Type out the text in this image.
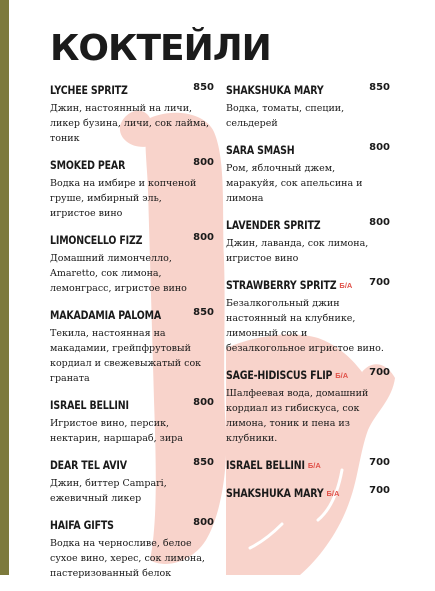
КОКТЕЙЛИ
LYCHEE SPRITZ	850
Джин, настоянный на личи, ликер бузина, личи, сок лайма, тоник
SMOKED PEAR	800
Водка на имбире и копченой груше, имбирный эль, игристое вино
LIMONCELLO FIZZ	800
Домашний лимончелло, Amaretto, сок лимона, лемонграсс, игристое вино
MAKADAMIA PALOMA	850
Текила, настоянная на макадамии, грейпфрутовый кордиал и свежевыжатый сок граната
ISRAEL BELLINI	800
Игристое вино, персик, нектарин, наршараб, зира
DEAR TEL AVIV	850
Джин, биттер Campari, ежевичный ликер
HAIFA GIFTS	800
Водка на черносливе, белое сухое вино, херес, сок лимона, пастеризованный белок
SHAKSHUKA MARY	850
Водка, томаты, специи, сельдерей
SARA SMASH	800
Ром, яблочный джем, маракуйя, сок апельсина и лимона
LAVENDER SPRITZ	800
Джин, лаванда, сок лимона, игристое вино
STRAWBERRY SPRITZ Б/А 700
Безалкогольный джин настоянный на клубнике, лимонный сок и безалкогольное игристое вино.
SAGE-HIDISCUS FLIP Б/А 700
Шалфеевая вода, домашний кордиал из гибискуса, сок лимона, тоник и пена из клубники.
ISRAEL BELLINI Б/А	700
SHAKSHUKA MARY Б/А	700
